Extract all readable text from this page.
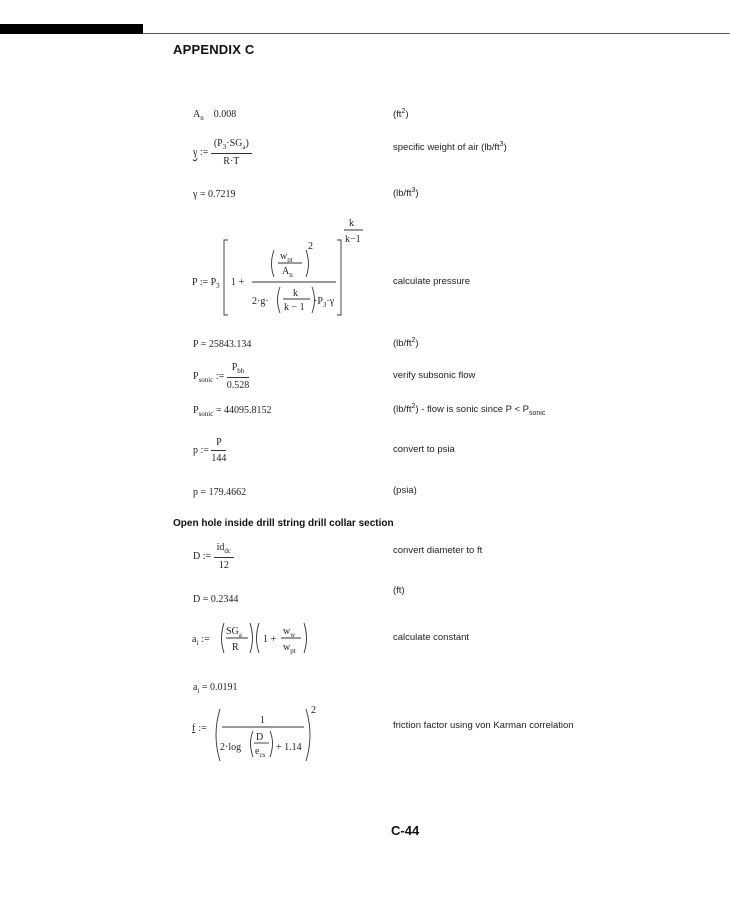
APPENDIX C
$A_n$ 0.008	$(ft^2)$
γ := $\frac{(P_3\cdot SG_a)}{R\cdot T}$	specific weight of air $(lb/ft^3)$
γ = 0.7219	$(lb/ft^3)$
P := $P_3$ 1 +
$w_{pt}$
$A_n$
2
2·g·
k
k − 1
$\cdot P_3\cdot\gamma$
k
k−1
calculate pressure
P = 25843.134	$(lb/ft^2)$
$P_{sonic}$ := $\frac{P_{bh}}{0.528}$	verify subsonic flow
$P_{sonic} = 44095.8152$	$(lb/ft^2)$ - flow is sonic since $P < P_{sonic}$
p := $\frac{P}{144}$	convert to psia
p = 179.4662	(psia)
Open hole inside drill string drill collar section
D := $\frac{id_{dc}}{12}$	convert diameter to ft
D = 0.2344
(ft)
$a_i$ :=
$SG_a$
R
1 +
$w_w$
$w_{pt}$
calculate constant
$a_i = 0.0191$
f :=
1
2·log
D
$e_{cs}$
+ 1.14
2
friction factor using von Karman correlation
C-44
